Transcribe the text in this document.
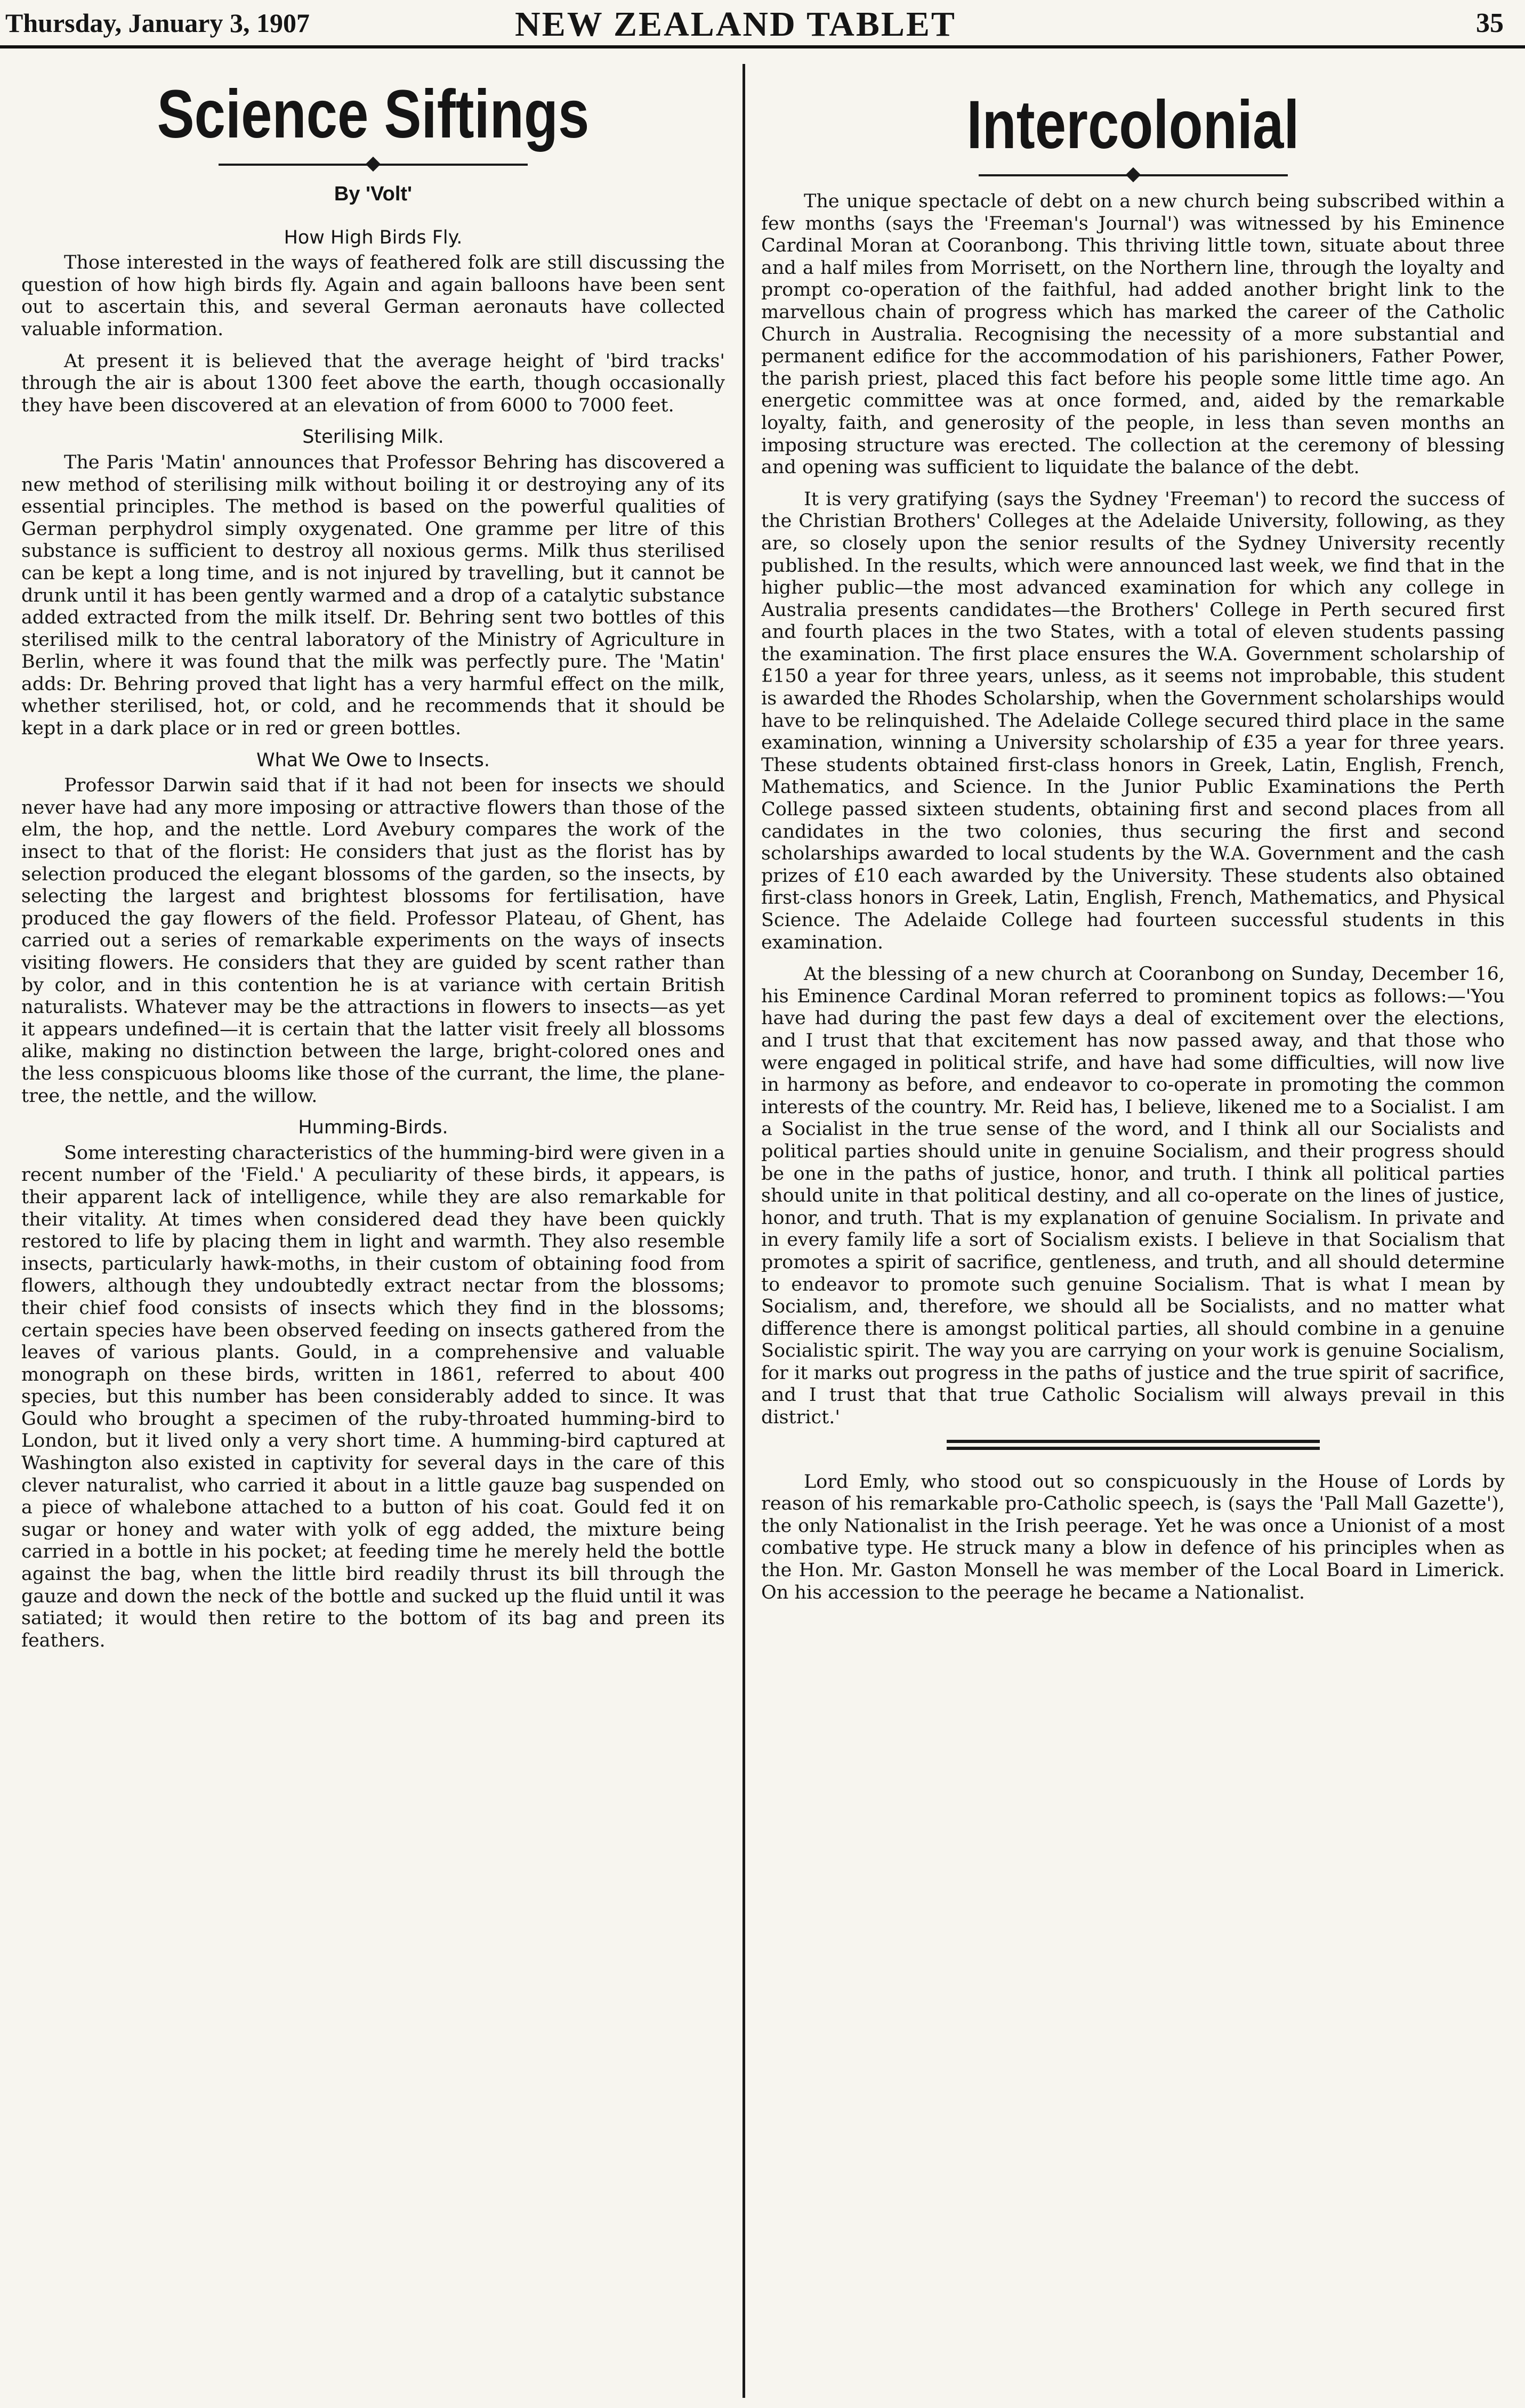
Thursday, January 3, 1907	NEW ZEALAND TABLET	35
Science Siftings
By 'Volt'
How High Birds Fly.

Those interested in the ways of feathered folk are still discussing the question of how high birds fly. Again and again balloons have been sent out to ascertain this, and several German aeronauts have collected valuable information.

At present it is believed that the average height of 'bird tracks' through the air is about 1300 feet above the earth, though occasionally they have been discovered at an elevation of from 6000 to 7000 feet.

Sterilising Milk.

The Paris 'Matin' announces that Professor Behring has discovered a new method of sterilising milk without boiling it or destroying any of its essential principles. The method is based on the powerful qualities of German perphydrol simply oxygenated. One gramme per litre of this substance is sufficient to destroy all noxious germs. Milk thus sterilised can be kept a long time, and is not injured by travelling, but it cannot be drunk until it has been gently warmed and a drop of a catalytic substance added extracted from the milk itself. Dr. Behring sent two bottles of this sterilised milk to the central laboratory of the Ministry of Agriculture in Berlin, where it was found that the milk was perfectly pure. The 'Matin' adds: Dr. Behring proved that light has a very harmful effect on the milk, whether sterilised, hot, or cold, and he recommends that it should be kept in a dark place or in red or green bottles.

What We Owe to Insects.

Professor Darwin said that if it had not been for insects we should never have had any more imposing or attractive flowers than those of the elm, the hop, and the nettle. Lord Avebury compares the work of the insect to that of the florist: He considers that just as the florist has by selection produced the elegant blossoms of the garden, so the insects, by selecting the largest and brightest blossoms for fertilisation, have produced the gay flowers of the field. Professor Plateau, of Ghent, has carried out a series of remarkable experiments on the ways of insects visiting flowers. He considers that they are guided by scent rather than by color, and in this contention he is at variance with certain British naturalists. Whatever may be the attractions in flowers to insects—as yet it appears undefined—it is certain that the latter visit freely all blossoms alike, making no distinction between the large, bright-colored ones and the less conspicuous blooms like those of the currant, the lime, the plane-tree, the nettle, and the willow.

Humming-Birds.

Some interesting characteristics of the humming-bird were given in a recent number of the 'Field.' A peculiarity of these birds, it appears, is their apparent lack of intelligence, while they are also remarkable for their vitality. At times when considered dead they have been quickly restored to life by placing them in light and warmth. They also resemble insects, particularly hawk-moths, in their custom of obtaining food from flowers, although they undoubtedly extract nectar from the blossoms; their chief food consists of insects which they find in the blossoms; certain species have been observed feeding on insects gathered from the leaves of various plants. Gould, in a comprehensive and valuable monograph on these birds, written in 1861, referred to about 400 species, but this number has been considerably added to since. It was Gould who brought a specimen of the ruby-throated humming-bird to London, but it lived only a very short time. A humming-bird captured at Washington also existed in captivity for several days in the care of this clever naturalist, who carried it about in a little gauze bag suspended on a piece of whalebone attached to a button of his coat. Gould fed it on sugar or honey and water with yolk of egg added, the mixture being carried in a bottle in his pocket; at feeding time he merely held the bottle against the bag, when the little bird readily thrust its bill through the gauze and down the neck of the bottle and sucked up the fluid until it was satiated; it would then retire to the bottom of its bag and preen its feathers.

Intercolonial

The unique spectacle of debt on a new church being subscribed within a few months (says the 'Freeman's Journal') was witnessed by his Eminence Cardinal Moran at Cooranbong. This thriving little town, situate about three and a half miles from Morrisett, on the Northern line, through the loyalty and prompt co-operation of the faithful, had added another bright link to the marvellous chain of progress which has marked the career of the Catholic Church in Australia. Recognising the necessity of a more substantial and permanent edifice for the accommodation of his parishioners, Father Power, the parish priest, placed this fact before his people some little time ago. An energetic committee was at once formed, and, aided by the remarkable loyalty, faith, and generosity of the people, in less than seven months an imposing structure was erected. The collection at the ceremony of blessing and opening was sufficient to liquidate the balance of the debt.

It is very gratifying (says the Sydney 'Freeman') to record the success of the Christian Brothers' Colleges at the Adelaide University, following, as they are, so closely upon the senior results of the Sydney University recently published. In the results, which were announced last week, we find that in the higher public—the most advanced examination for which any college in Australia presents candidates—the Brothers' College in Perth secured first and fourth places in the two States, with a total of eleven students passing the examination. The first place ensures the W.A. Government scholarship of £150 a year for three years, unless, as it seems not improbable, this student is awarded the Rhodes Scholarship, when the Government scholarships would have to be relinquished. The Adelaide College secured third place in the same examination, winning a University scholarship of £35 a year for three years. These students obtained first-class honors in Greek, Latin, English, French, Mathematics, and Science. In the Junior Public Examinations the Perth College passed sixteen students, obtaining first and second places from all candidates in the two colonies, thus securing the first and second scholarships awarded to local students by the W.A. Government and the cash prizes of £10 each awarded by the University. These students also obtained first-class honors in Greek, Latin, English, French, Mathematics, and Physical Science. The Adelaide College had fourteen successful students in this examination.

At the blessing of a new church at Cooranbong on Sunday, December 16, his Eminence Cardinal Moran referred to prominent topics as follows:—'You have had during the past few days a deal of excitement over the elections, and I trust that that excitement has now passed away, and that those who were engaged in political strife, and have had some difficulties, will now live in harmony as before, and endeavor to co-operate in promoting the common interests of the country. Mr. Reid has, I believe, likened me to a Socialist. I am a Socialist in the true sense of the word, and I think all our Socialists and political parties should unite in genuine Socialism, and their progress should be one in the paths of justice, honor, and truth. I think all political parties should unite in that political destiny, and all co-operate on the lines of justice, honor, and truth. That is my explanation of genuine Socialism. In private and in every family life a sort of Socialism exists. I believe in that Socialism that promotes a spirit of sacrifice, gentleness, and truth, and all should determine to endeavor to promote such genuine Socialism. That is what I mean by Socialism, and, therefore, we should all be Socialists, and no matter what difference there is amongst political parties, all should combine in a genuine Socialistic spirit. The way you are carrying on your work is genuine Socialism, for it marks out progress in the paths of justice and the true spirit of sacrifice, and I trust that that true Catholic Socialism will always prevail in this district.'

Lord Emly, who stood out so conspicuously in the House of Lords by reason of his remarkable pro-Catholic speech, is (says the 'Pall Mall Gazette'), the only Nationalist in the Irish peerage. Yet he was once a Unionist of a most combative type. He struck many a blow in defence of his principles when as the Hon. Mr. Gaston Monsell he was member of the Local Board in Limerick. On his accession to the peerage he became a Nationalist.
